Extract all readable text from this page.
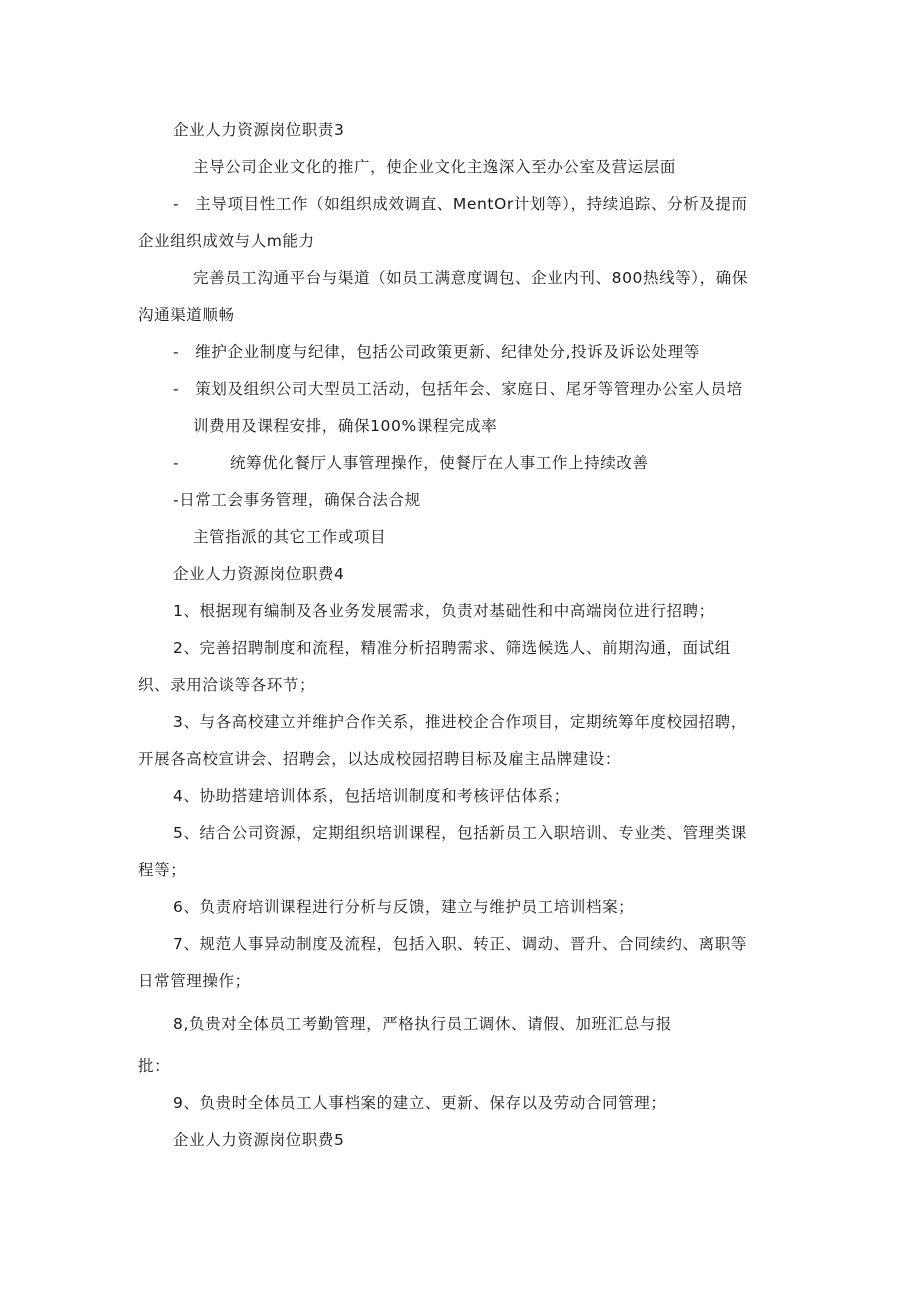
企业人力资源岗位职责3
主导公司企业文化的推广，使企业文化主逸深入至办公室及营运层面
-　主导项目性工作（如组织成效调直、MentOr计划等），持续追踪、分析及提而
企业组织成效与人m能力
完善员工沟通平台与渠道（如员工满意度调包、企业内刊、800热线等），确保
沟通渠道顺畅
-　维护企业制度与纪律，包括公司政策更新、纪律处分,投诉及诉讼处理等
-　策划及组织公司大型员工活动，包括年会、家庭日、尾牙等管理办公室人员培
训费用及课程安排，确保100%课程完成率
-	统筹优化餐厅人事管理操作，使餐厅在人事工作上持续改善
-日常工会事务管理，确保合法合规
主管指派的其它工作或项目
企业人力资源岗位职费4
1、根据现有编制及各业务发展需求，负责对基础性和中高端岗位进行招聘；
2、完善招聘制度和流程，精准分析招聘需求、筛选候选人、前期沟通，面试组
织、录用洽谈等各环节；
3、与各高校建立并维护合作关系，推进校企合作项目，定期统筹年度校园招聘，
开展各高校宣讲会、招聘会，以达成校园招聘目标及雇主品牌建设：
4、协助搭建培训体系，包括培训制度和考核评估体系；
5、结合公司资源，定期组织培训课程，包括新员工入职培训、专业类、管理类课
程等；
6、负责府培训课程进行分析与反馈，建立与维护员工培训档案；
7、规范人事异动制度及流程，包括入职、转正、调动、晋升、合同续约、离职等
日常管理操作；
8,负贵对全体员工考勤管理，严格执行员工调休、请假、加班汇总与报
批：
9、负贵时全体员工人事档案的建立、更新、保存以及劳动合同管理；
企业人力资源岗位职费5
